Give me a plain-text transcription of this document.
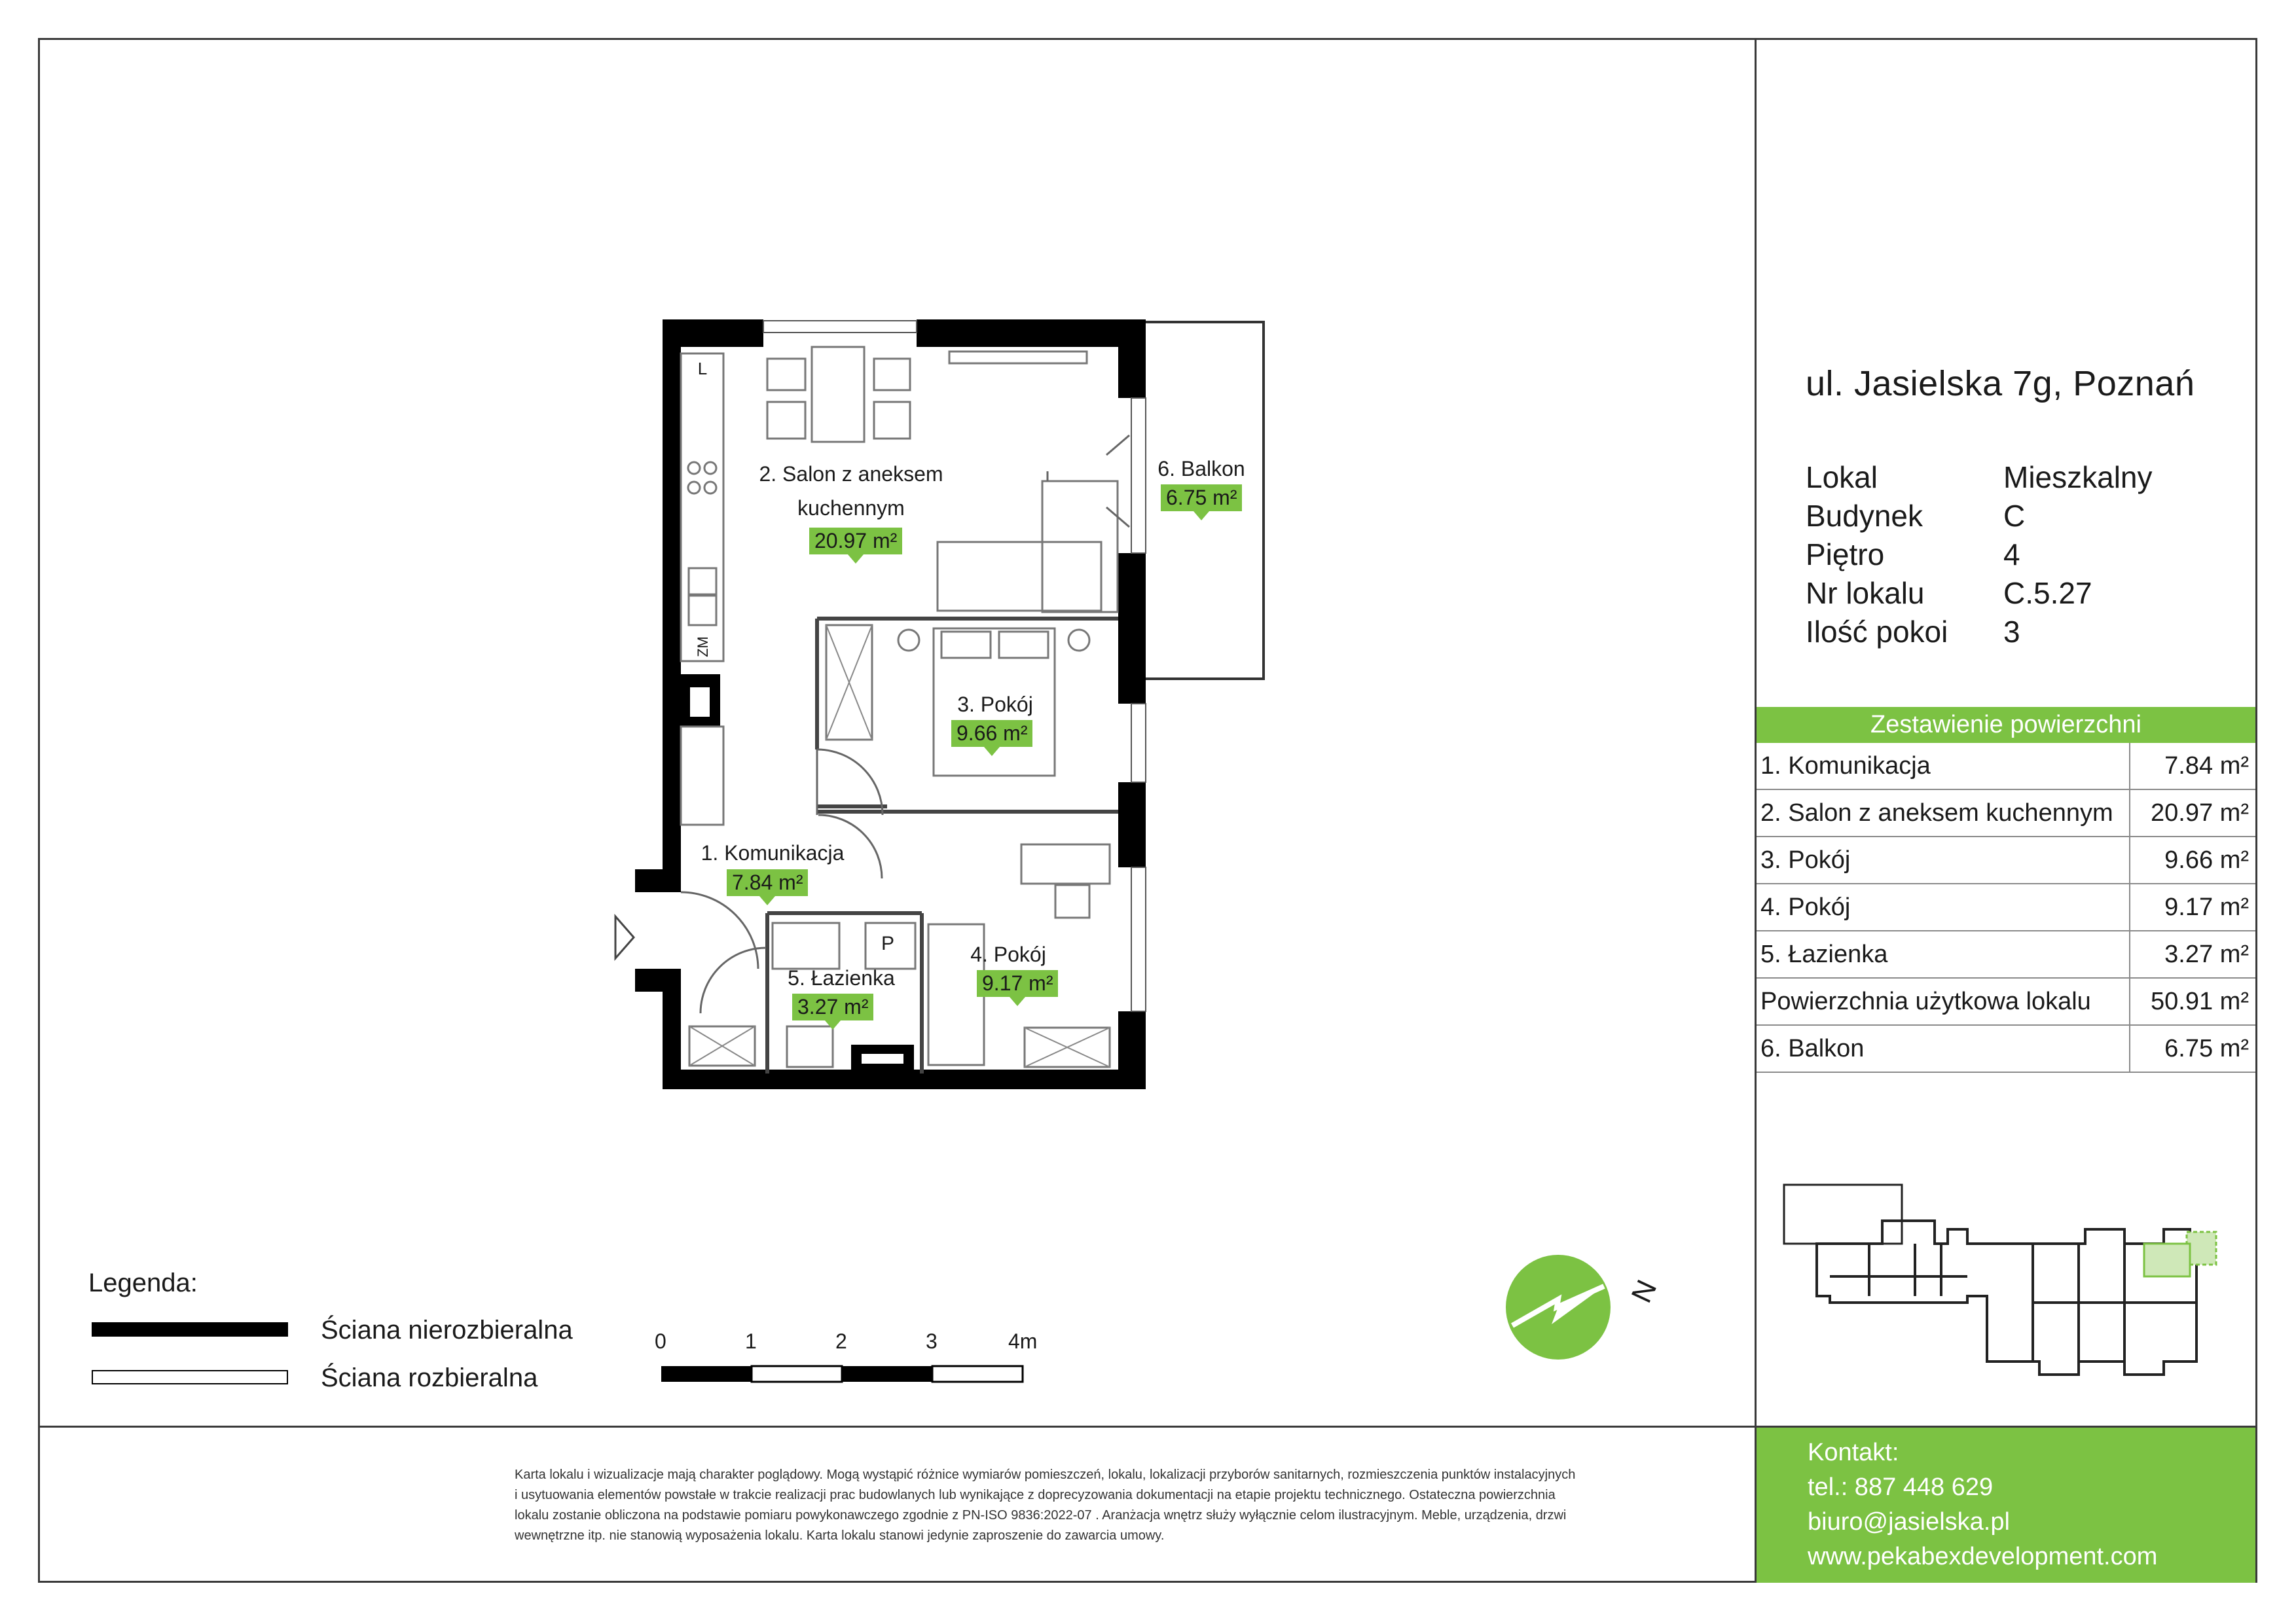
2. Salon z aneksem
kuchennym
20.97 m²
6. Balkon
6.75 m²
3. Pokój
9.66 m²
1. Komunikacja
7.84 m²
5. Łazienka
3.27 m²
4. Pokój
9.17 m²
ZM
L
P
Legenda:
Ściana nierozbieralna
Ściana rozbieralna
0	1	2	3	4m
N
ul. Jasielska 7g, Poznań
Lokal	Mieszkalny
Budynek	C
Piętro	4
Nr lokalu	C.5.27
Ilość pokoi	3
Zestawienie powierzchni
1. Komunikacja	7.84 m²
2. Salon z aneksem kuchennym	20.97 m²
3. Pokój	9.66 m²
4. Pokój	9.17 m²
5. Łazienka	3.27 m²
Powierzchnia użytkowa lokalu	50.91 m²
6. Balkon	6.75 m²
Karta lokalu i wizualizacje mają charakter poglądowy. Mogą wystąpić różnice wymiarów pomieszczeń, lokalu, lokalizacji przyborów sanitarnych, rozmieszczenia punktów instalacyjnych
i usytuowania elementów powstałe w trakcie realizacji prac budowlanych lub wynikające z doprecyzowania dokumentacji na etapie projektu technicznego. Ostateczna powierzchnia
lokalu zostanie obliczona na podstawie pomiaru powykonawczego zgodnie z PN-ISO 9836:2022-07 . Aranżacja wnętrz służy wyłącznie celom ilustracyjnym. Meble, urządzenia, drzwi
wewnętrzne itp. nie stanowią wyposażenia lokalu. Karta lokalu stanowi jedynie zaproszenie do zawarcia umowy.
Kontakt:
tel.: 887 448 629
biuro@jasielska.pl
www.pekabexdevelopment.com
